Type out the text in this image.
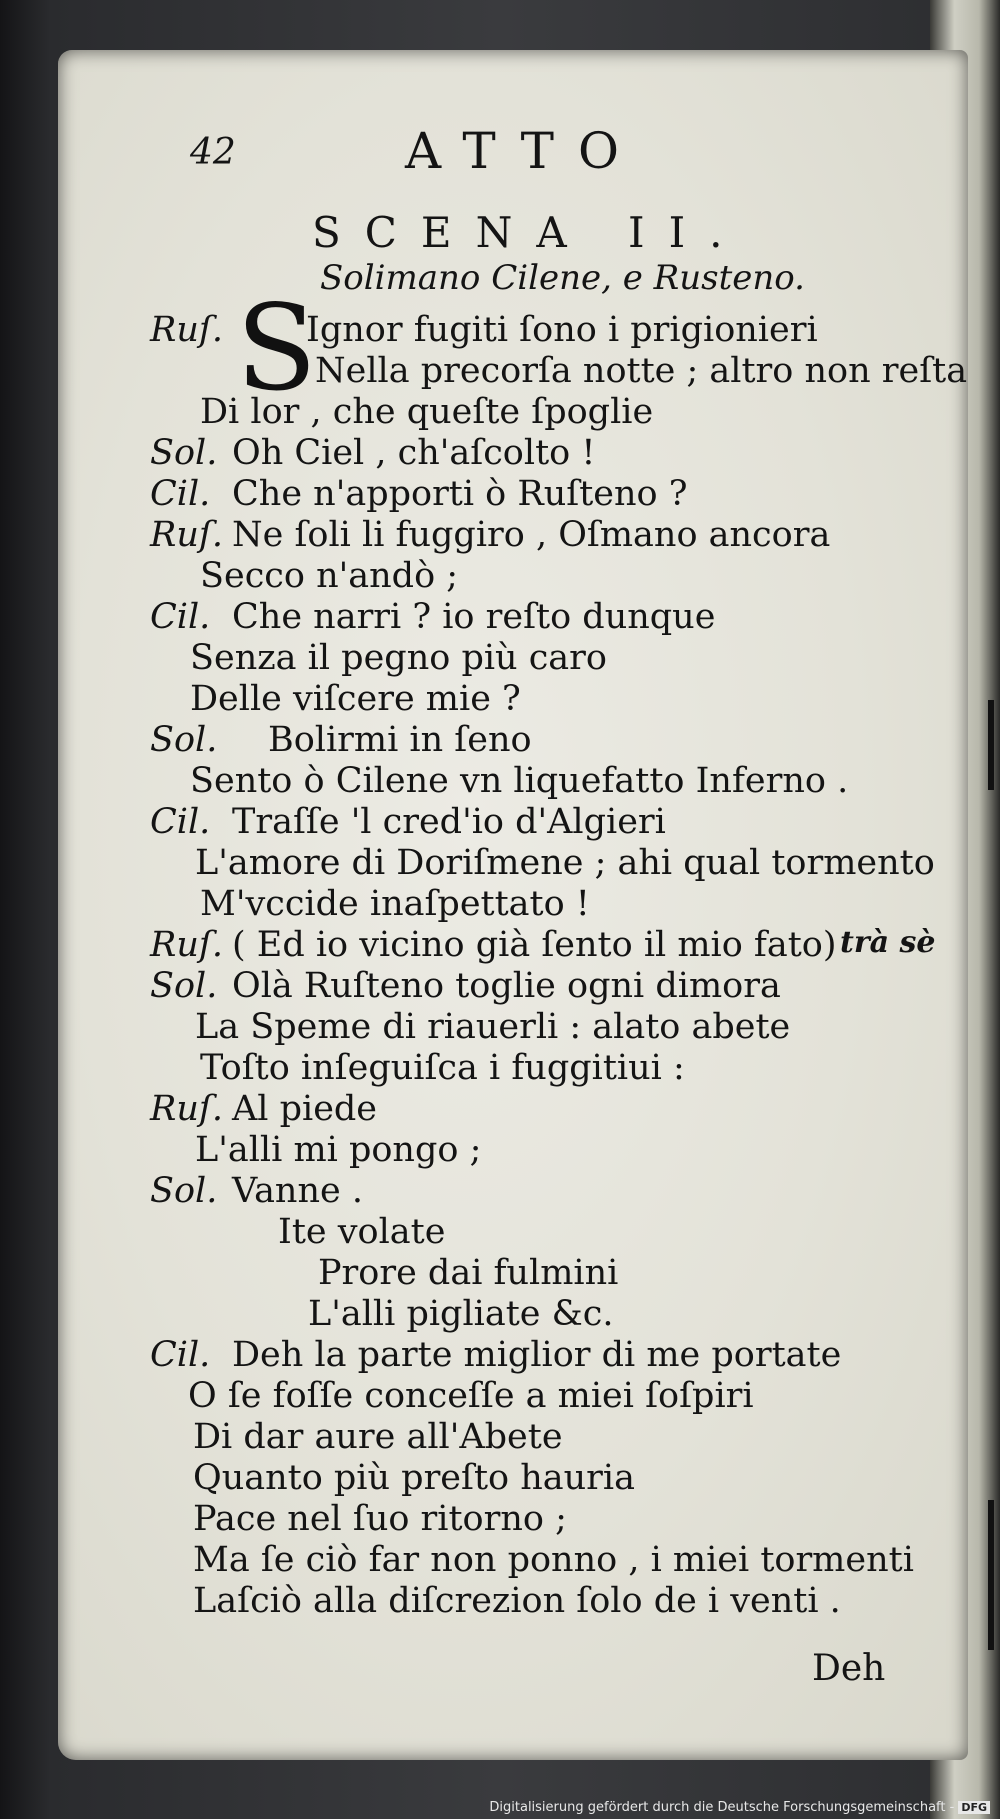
42	ATTO
SCENA II.
Solimano Cilene, e Rusteno.
S
Ruſ. Ignor fugiti ſono i prigionieri
Nella precorſa notte ; altro non reſta
Di lor , che queſte ſpoglie
Sol. Oh Ciel , ch'aſcolto !
Cil. Che n'apporti ò Ruſteno ?
Ruſ. Ne ſoli li fuggiro , Oſmano ancora
Secco n'andò ;
Cil. Che narri ? io reſto dunque
Senza il pegno più caro
Delle viſcere mie ?
Sol. Bolirmi in ſeno
Sento ò Cilene vn liquefatto Inferno .
Cil. Traſſe 'l cred'io d'Algieri
L'amore di Doriſmene ; ahi qual tormento
M'vccide inaſpettato !
Ruſ. ( Ed io vicino già ſento il mio fato) trà sè
Sol. Olà Ruſteno toglie ogni dimora
La Speme di riauerli : alato abete
Toſto inſeguiſca i fuggitiui :
Ruſ. Al piede
L'alli mi pongo ;
Sol. Vanne .
Ite volate
Prore dai fulmini
L'alli pigliate &c.
Cil. Deh la parte miglior di me portate
O ſe foſſe conceſſe a miei ſoſpiri
Di dar aure all'Abete
Quanto più preſto hauria
Pace nel ſuo ritorno ;
Ma ſe ciò far non ponno , i miei tormenti
Laſciò alla diſcrezion ſolo de i venti .
Deh
Digitalisierung gefördert durch die Deutsche Forschungsgemeinschaft - DFG
